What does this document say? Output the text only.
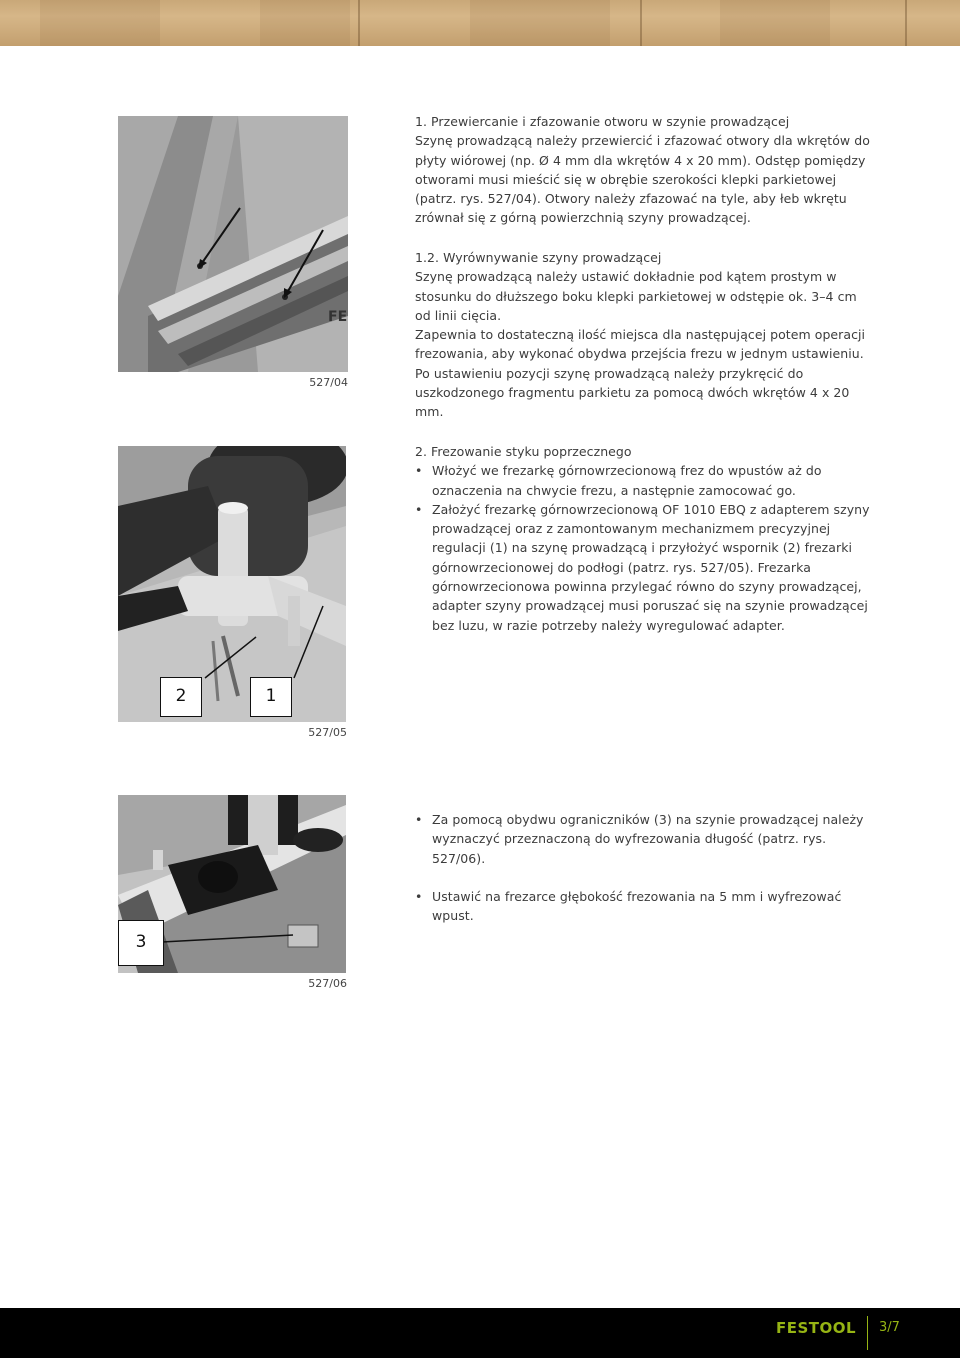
FE
527/04

1. Przewiercanie i zfazowanie otworu w szynie prowadzącej

Szynę prowadzącą należy przewiercić i zfazować otwory dla wkrętów do płyty wiórowej (np. Ø 4 mm dla wkrętów 4 x 20 mm). Odstęp pomiędzy otworami musi mieścić się w obrębie szerokości klepki parkietowej (patrz. rys. 527/04). Otwory należy zfazować na tyle, aby łeb wkrętu zrównał się z górną powierzchnią szyny prowadzącej.

1.2. Wyrównywanie szyny prowadzącej

Szynę prowadzącą należy ustawić dokładnie pod kątem prostym w stosunku do dłuższego boku klepki parkietowej w odstępie ok. 3–4 cm od linii cięcia.

Zapewnia to dostateczną ilość miejsca dla następującej potem operacji frezowania, aby wykonać obydwa przejścia frezu w jednym ustawieniu.

Po ustawieniu pozycji szynę prowadzącą należy przykręcić do uszkodzonego fragmentu parkietu za pomocą dwóch wkrętów 4 x 20 mm.

2	1
527/05

2. Frezowanie styku poprzecznego

• Włożyć we frezarkę górnowrzecionową frez do wpustów aż do oznaczenia na chwycie frezu, a następnie zamocować go.
• Założyć frezarkę górnowrzecionową OF 1010 EBQ z adapterem szyny prowadzącej oraz z zamontowanym mechanizmem precyzyjnej regulacji (1) na szynę prowadzącą i przyłożyć wspornik (2) frezarki górnowrzecionowej do podłogi (patrz. rys. 527/05). Frezarka górnowrzecionowa powinna przylegać równo do szyny prowadzącej, adapter szyny prowadzącej musi poruszać się na szynie prowadzącej bez luzu, w razie potrzeby należy wyregulować adapter.
3
527/06
• Za pomocą obydwu ograniczników (3) na szynie prowadzącej należy wyznaczyć przeznaczoną do wyfrezowania długość (patrz. rys. 527/06).
• Ustawić na frezarce głębokość frezowania na 5 mm i wyfrezować wpust.
FESTOOL 3/7
